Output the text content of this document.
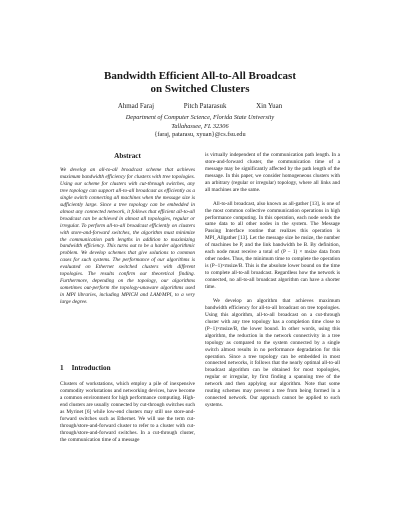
Bandwidth Efficient All-to-All Broadcast
on Switched Clusters
Ahmad Faraj	Pitch Patarasuk	Xin Yuan
Department of Computer Science, Florida State University
Tallahassee, FL 32306
{faraj, patarasu, xyuan}@cs.fsu.edu
Abstract

We develop an all-to-all broadcast scheme that achieves maximum bandwidth efficiency for clusters with tree topologies. Using our scheme for clusters with cut-through switches, any tree topology can support all-to-all broadcast as efficiently as a single switch connecting all machines when the message size is sufficiently large. Since a tree topology can be embedded in almost any connected network, it follows that efficient all-to-all broadcast can be achieved in almost all topologies, regular or irregular. To perform all-to-all broadcast efficiently on clusters with store-and-forward switches, the algorithm must minimize the communication path lengths in addition to maximizing bandwidth efficiency. This turns out to be a harder algorithmic problem. We develop schemes that give solutions to common cases for such systems. The performance of our algorithms is evaluated on Ethernet switched clusters with different topologies. The results confirm our theoretical finding. Furthermore, depending on the topology, our algorithms sometimes out-perform the topology-unaware algorithms used in MPI libraries, including MPICH and LAM/MPI, to a very large degree.

1 Introduction

Clusters of workstations, which employ a pile of inexpensive commodity workstations and networking devices, have become a common environment for high performance computing. High-end clusters are usually connected by cut-through switches such as Myrinet [6] while low-end clusters may still use store-and-forward switches such as Ethernet. We will use the term cut-through/store-and-forward cluster to refer to a cluster with cut-through/store-and-forward switches. In a cut-through cluster, the communication time of a message

is virtually independent of the communication path length. In a store-and-forward cluster, the communication time of a message may be significantly affected by the path length of the message. In this paper, we consider homogeneous clusters with an arbitrary (regular or irregular) topology, where all links and all machines are the same.

All-to-all broadcast, also known as all-gather [13], is one of the most common collective communication operations in high performance computing. In this operation, each node sends the same data to all other nodes in the system. The Message Passing Interface routine that realizes this operation is MPI_Allgather [13]. Let the message size be msize, the number of machines be P, and the link bandwidth be B. By definition, each node must receive a total of (P − 1) × msize data from other nodes. Thus, the minimum time to complete the operation is (P−1)×msize/B. This is the absolute lower bound on the time to complete all-to-all broadcast. Regardless how the network is connected, no all-to-all broadcast algorithm can have a shorter time.

We develop an algorithm that achieves maximum bandwidth efficiency for all-to-all broadcast on tree topologies. Using this algorithm, all-to-all broadcast on a cut-through cluster with any tree topology has a completion time close to (P−1)×msize/B, the lower bound. In other words, using this algorithm, the reduction in the network connectivity in a tree topology as compared to the system connected by a single switch almost results in no performance degradation for this operation. Since a tree topology can be embedded in most connected networks, it follows that the nearly optimal all-to-all broadcast algorithm can be obtained for most topologies, regular or irregular, by first finding a spanning tree of the network and then applying our algorithm. Note that some routing schemes may prevent a tree from being formed in a connected network. Our approach cannot be applied to such systems.
